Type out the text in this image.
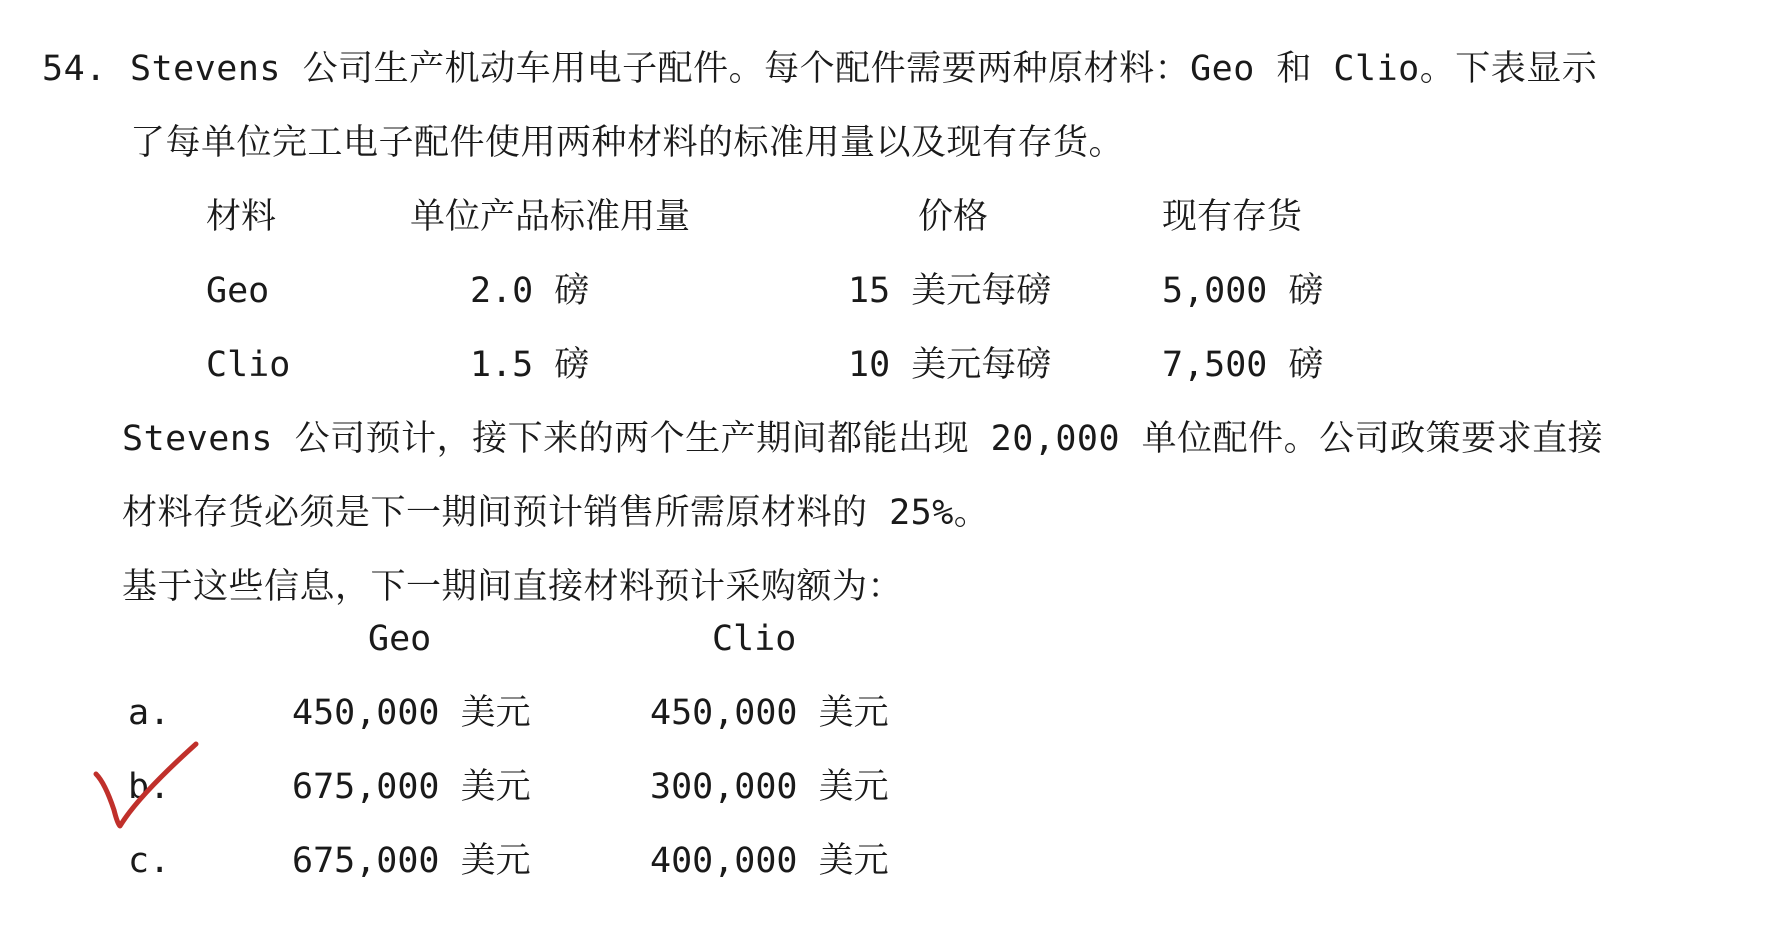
54. Stevens 公司生产机动车用电子配件。每个配件需要两种原材料：Geo 和 Clio。下表显示
了每单位完工电子配件使用两种材料的标准用量以及现有存货。
材料	单位产品标准用量	价格	现有存货
Geo	2.0 磅	15 美元每磅	5,000 磅
Clio	1.5 磅	10 美元每磅	7,500 磅
Stevens 公司预计，接下来的两个生产期间都能出现 20,000 单位配件。公司政策要求直接
材料存货必须是下一期间预计销售所需原材料的 25%。
基于这些信息，下一期间直接材料预计采购额为：
Geo	Clio
a.	450,000 美元	450,000 美元
b.	675,000 美元	300,000 美元
c.	675,000 美元	400,000 美元
